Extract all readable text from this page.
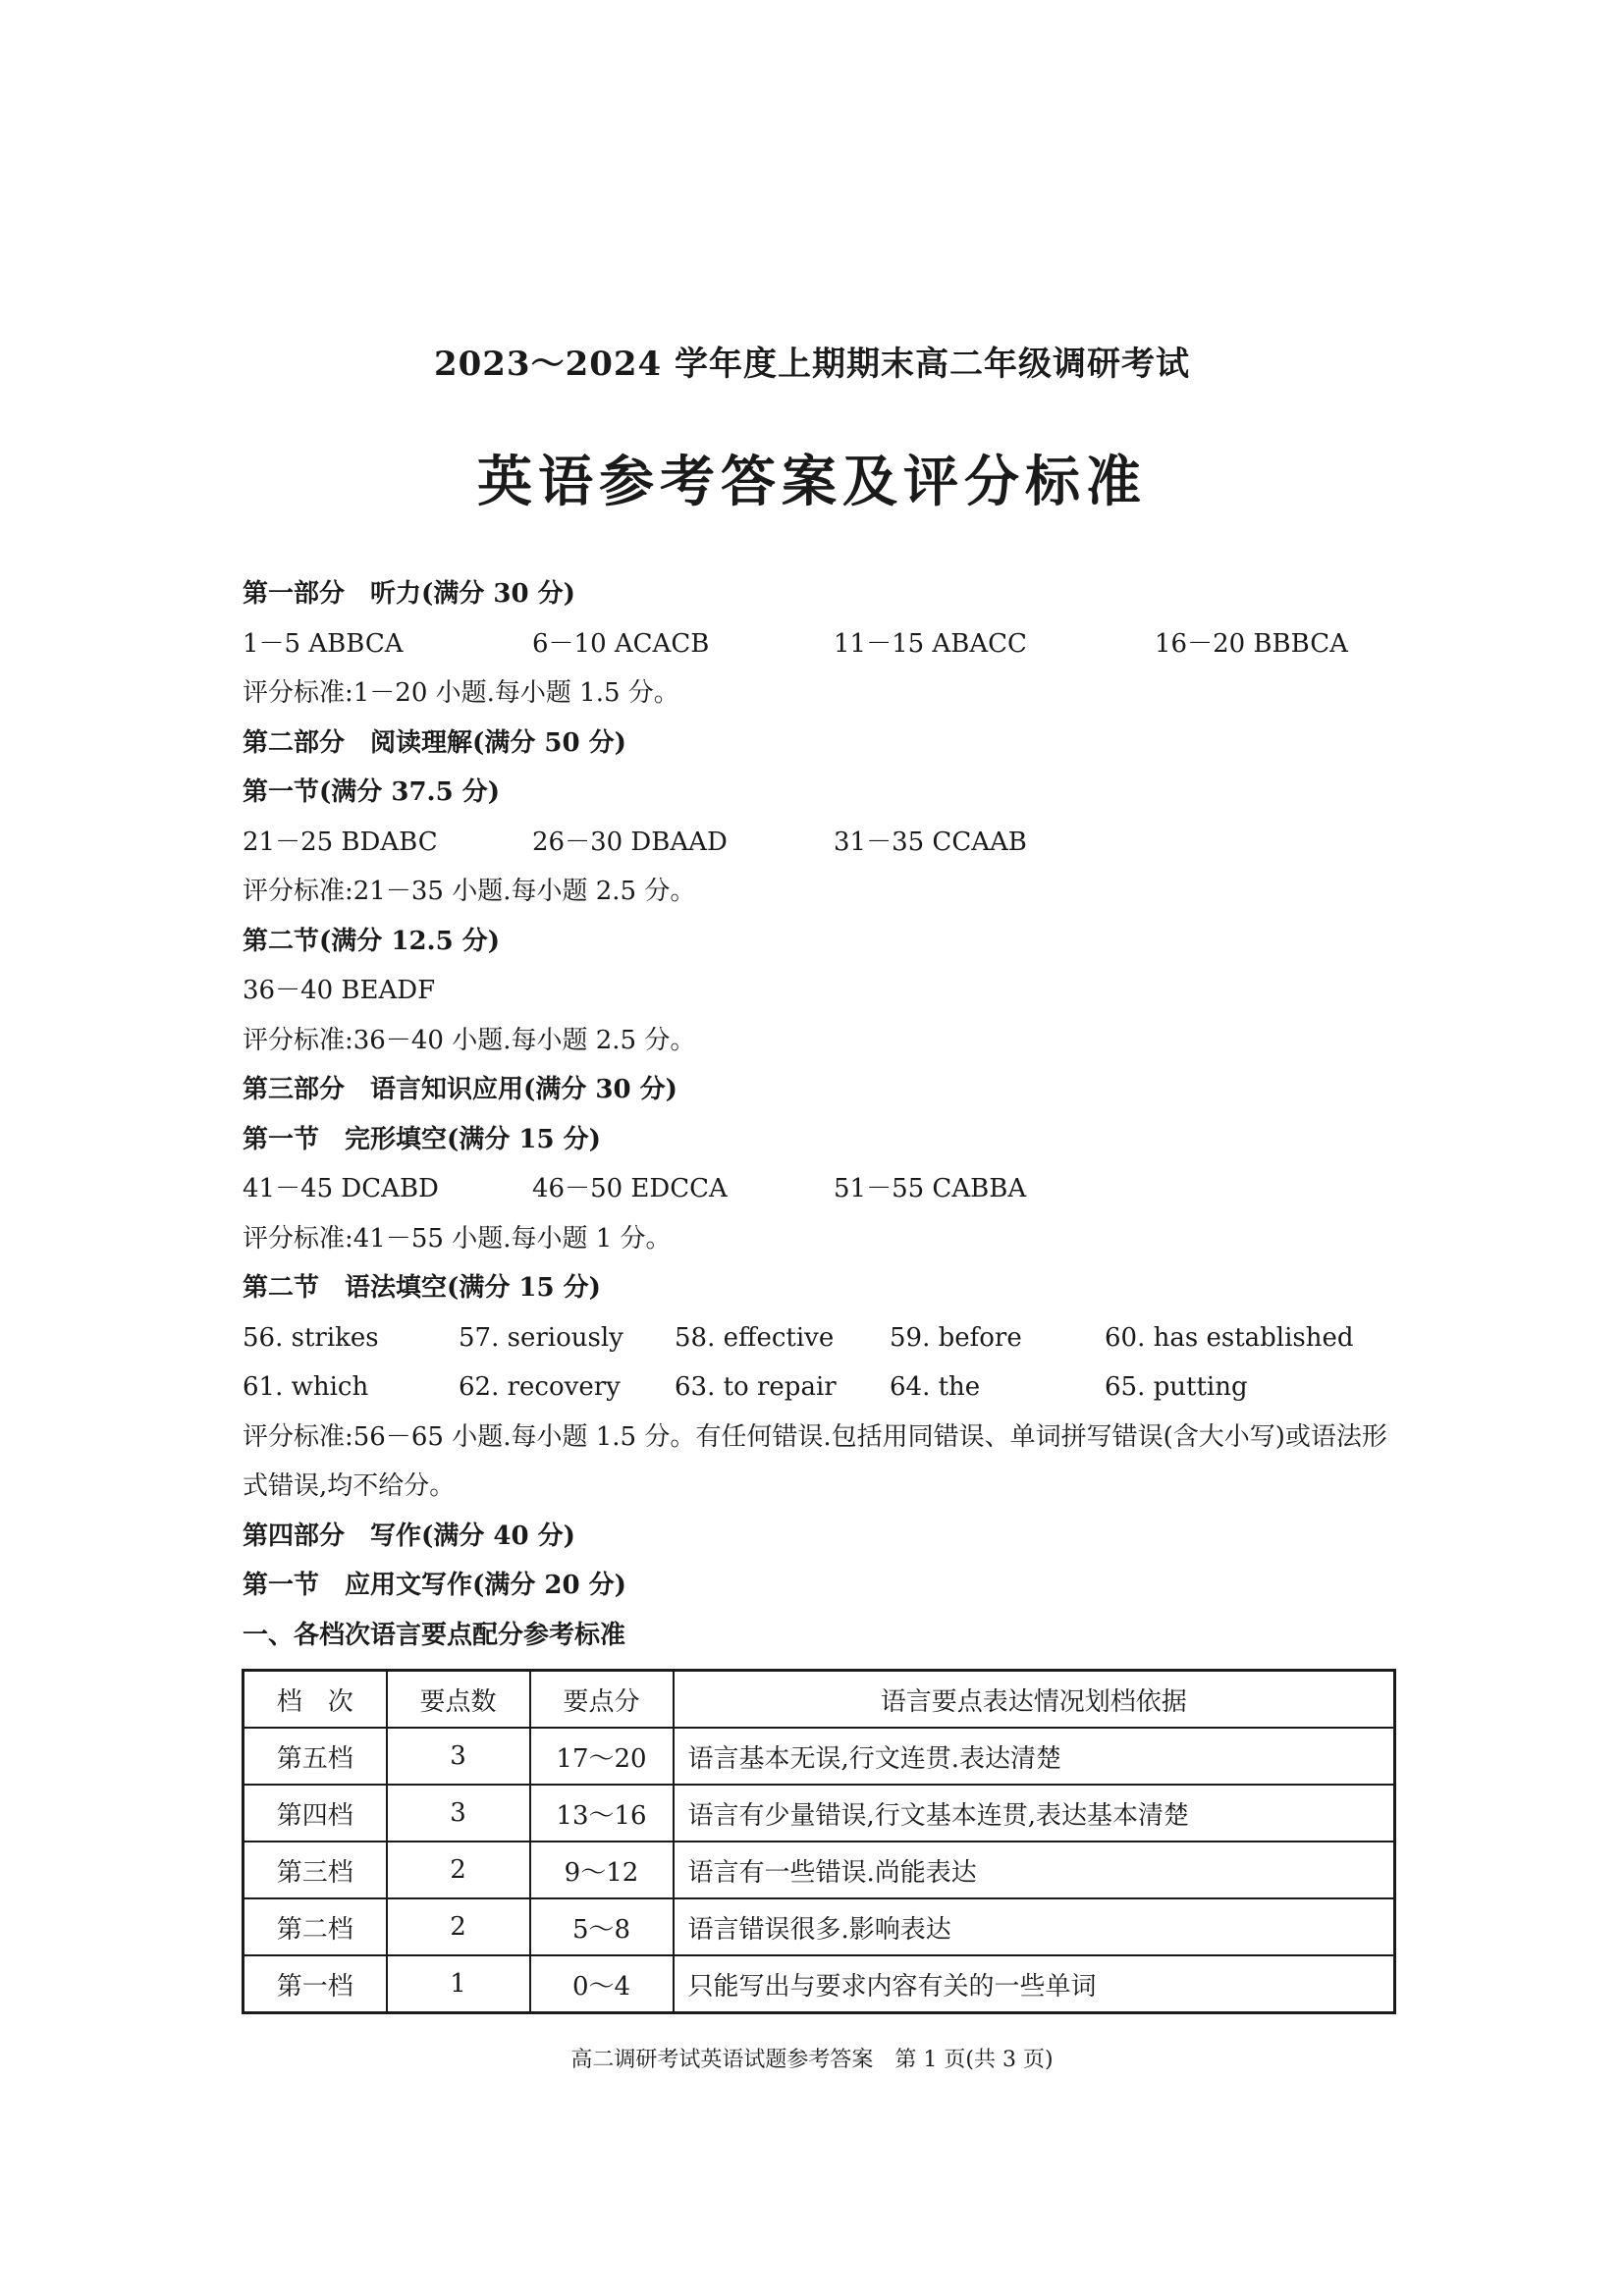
2023～2024 学年度上期期末高二年级调研考试
英语参考答案及评分标准
第一部分 听力(满分 30 分)
1－5 ABBCA	6－10 ACACB	11－15 ABACC	16－20 BBBCA
评分标准:1－20 小题.每小题 1.5 分。
第二部分 阅读理解(满分 50 分)
第一节(满分 37.5 分)
21－25 BDABC	26－30 DBAAD	31－35 CCAAB
评分标准:21－35 小题.每小题 2.5 分。
第二节(满分 12.5 分)
36－40 BEADF
评分标准:36－40 小题.每小题 2.5 分。
第三部分 语言知识应用(满分 30 分)
第一节 完形填空(满分 15 分)
41－45 DCABD	46－50 EDCCA	51－55 CABBA
评分标准:41－55 小题.每小题 1 分。
第二节 语法填空(满分 15 分)
56. strikes	57. seriously 58. effective 59. before	60. has established
61. which	62. recovery 63. to repair 64. the	65. putting
评分标准:56－65 小题.每小题 1.5 分。有任何错误.包括用同错误、单词拼写错误(含大小写)或语法形式错误,均不给分。
第四部分 写作(满分 40 分)
第一节 应用文写作(满分 20 分)
一、各档次语言要点配分参考标准
档　次	要点数	要点分	语言要点表达情况划档依据
第五档	3	17～20	语言基本无误,行文连贯.表达清楚
第四档	3	13～16	语言有少量错误,行文基本连贯,表达基本清楚
第三档	2	9～12	语言有一些错误.尚能表达
第二档	2	5～8	语言错误很多.影响表达
第一档	1	0～4	只能写出与要求内容有关的一些单词
高二调研考试英语试题参考答案　第 1 页(共 3 页)
